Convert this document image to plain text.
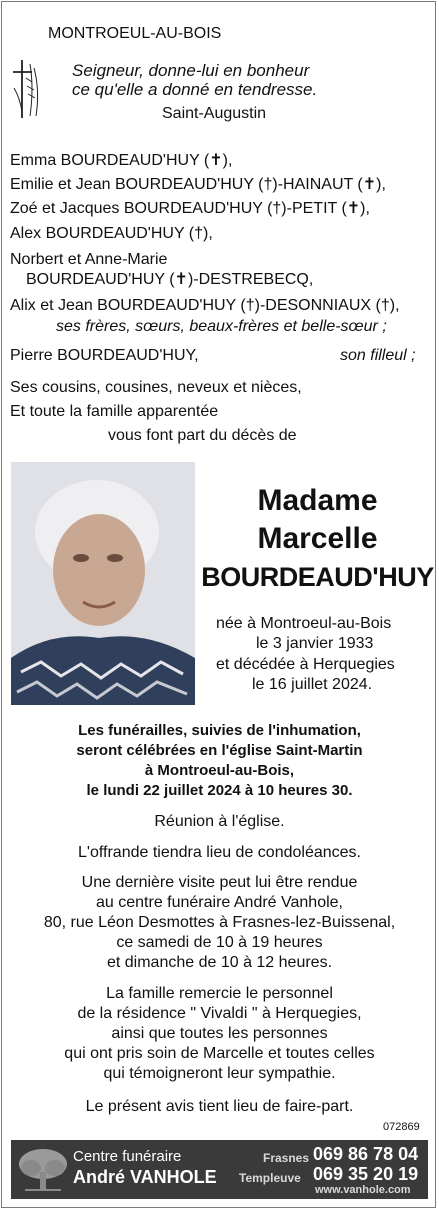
MONTROEUL-AU-BOIS
Seigneur, donne-lui en bonheur
ce qu'elle a donné en tendresse.
Saint-Augustin
Emma BOURDEAUD'HUY (✝),
Emilie et Jean BOURDEAUD'HUY (†)-HAINAUT (✝),
Zoé et Jacques BOURDEAUD'HUY (†)-PETIT (✝),
Alex BOURDEAUD'HUY (†),
Norbert et Anne-Marie
BOURDEAUD'HUY (✝)-DESTREBECQ,
Alix et Jean BOURDEAUD'HUY (†)-DESONNIAUX (†),
ses frères, sœurs, beaux-frères et belle-sœur ;
Pierre BOURDEAUD'HUY,	son filleul ;
Ses cousins, cousines, neveux et nièces,
Et toute la famille apparentée
vous font part du décès de
Madame
Marcelle
BOURDEAUD'HUY
née à Montroeul-au-Bois
le 3 janvier 1933
et décédée à Herquegies
le 16 juillet 2024.
Les funérailles, suivies de l'inhumation,
seront célébrées en l'église Saint-Martin
à Montroeul-au-Bois,
le lundi 22 juillet 2024 à 10 heures 30.
Réunion à l'église.
L'offrande tiendra lieu de condoléances.
Une dernière visite peut lui être rendue
au centre funéraire André Vanhole,
80, rue Léon Desmottes à Frasnes-lez-Buissenal,
ce samedi de 10 à 19 heures
et dimanche de 10 à 12 heures.
La famille remercie le personnel
de la résidence " Vivaldi " à Herquegies,
ainsi que toutes les personnes
qui ont pris soin de Marcelle et toutes celles
qui témoigneront leur sympathie.
Le présent avis tient lieu de faire-part.
072869
Centre funéraire
André VANHOLE
Frasnes 069 86 78 04
Templeuve 069 35 20 19
www.vanhole.com
